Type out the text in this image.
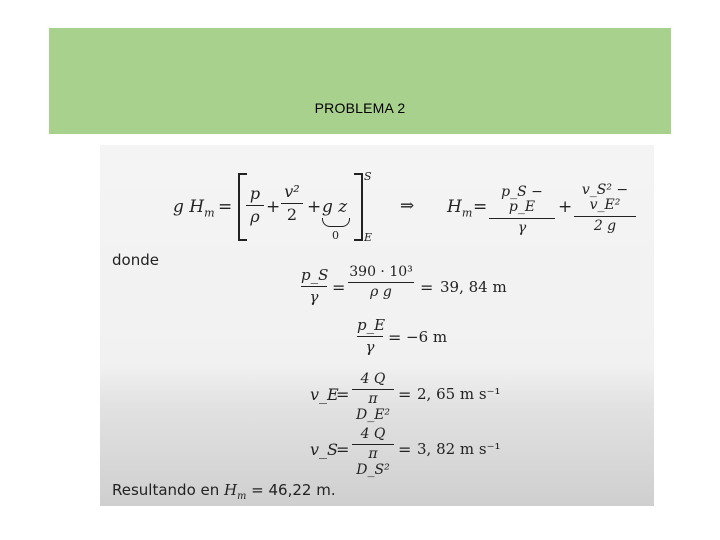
PROBLEMA 2
g $H_m$ =
p
ρ +
v²
2 + g z
0
S
E
⇒ $H_m$ =
p_S − p_E
γ
+
v_S² − v_E²
2 g
donde
p_S
γ =
390 · 10³
ρ g	= 39, 84 m
p_E
γ = −6 m
v_E
=
4 Q
π D_E²
= 2, 65 m s⁻¹
v_S
=
4 Q
π D_S²
= 3, 82 m s⁻¹
Resultando en $H_m = 46,22$ m.
